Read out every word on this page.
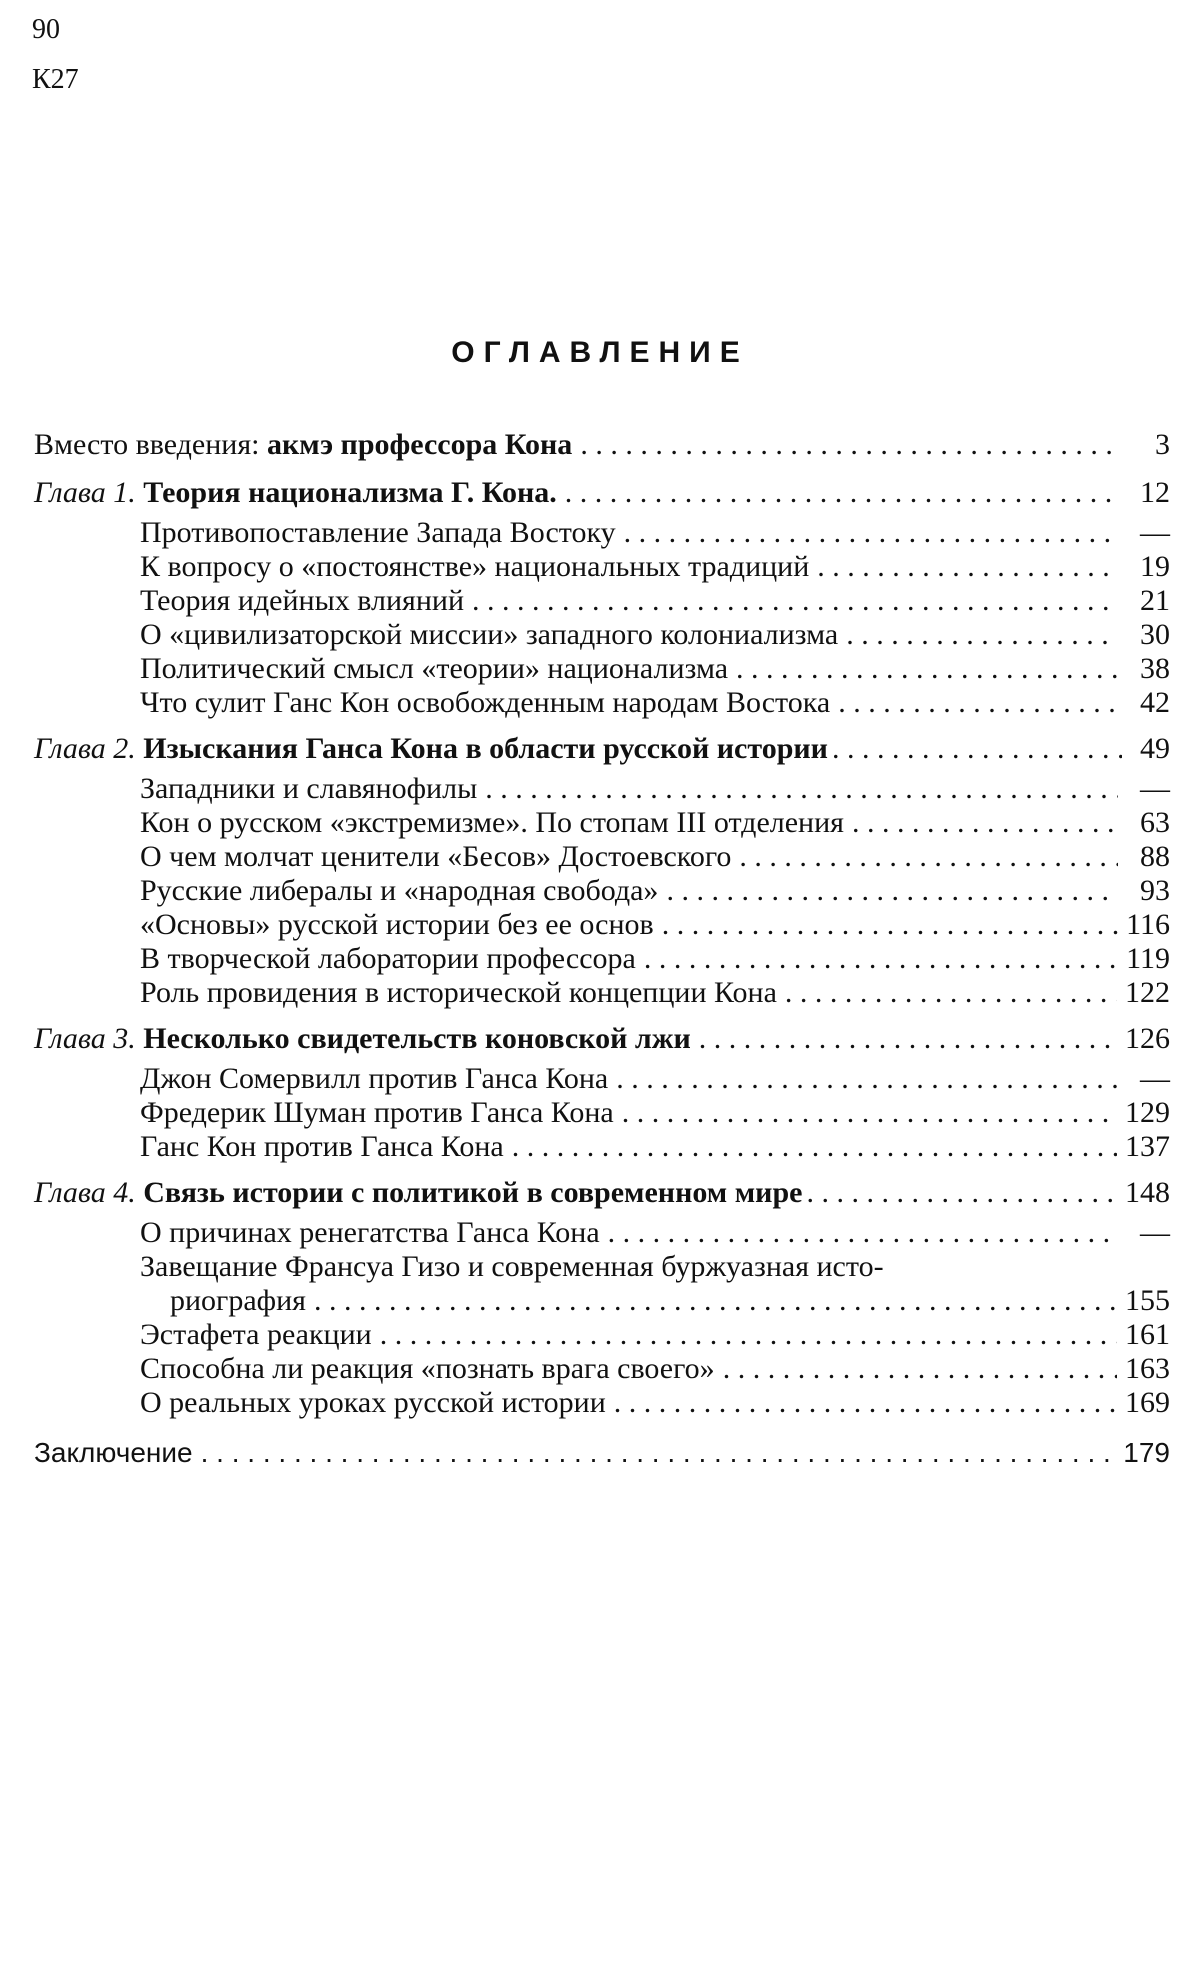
90
К27
ОГЛАВЛЕНИЕ
Вместо введения: акмэ профессора Кона . . .	3
Глава 1. Теория национализма Г. Кона. . . .	12
Противопоставление Запада Востоку . . .	—
К вопросу о «постоянстве» национальных традиций . . .	19
Теория идейных влияний . . .	21
О «цивилизаторской миссии» западного колониализма . . .	30
Политический смысл «теории» национализма . . .	38
Что сулит Ганс Кон освобожденным народам Востока . . .	42
Глава 2. Изыскания Ганса Кона в области русской истории . . .	49
Западники и славянофилы . . .	—
Кон о русском «экстремизме». По стопам III отделения . . .	63
О чем молчат ценители «Бесов» Достоевского . . .	88
Русские либералы и «народная свобода» . . .	93
«Основы» русской истории без ее основ . . .	116
В творческой лаборатории профессора . . .	119
Роль провидения в исторической концепции Кона . . .	122
Глава 3. Несколько свидетельств коновской лжи . . .	126
Джон Сомервилл против Ганса Кона . . .	—
Фредерик Шуман против Ганса Кона . . .	129
Ганс Кон против Ганса Кона . . .	137
Глава 4. Связь истории с политикой в современном мире . . .	148
О причинах ренегатства Ганса Кона . . .	—
Завещание Франсуа Гизо и современная буржуазная исто-
риография . . .	155
Эстафета реакции . . .	161
Способна ли реакция «познать врага своего» . . .	163
О реальных уроках русской истории . . .	169
Заключение . . .	179
